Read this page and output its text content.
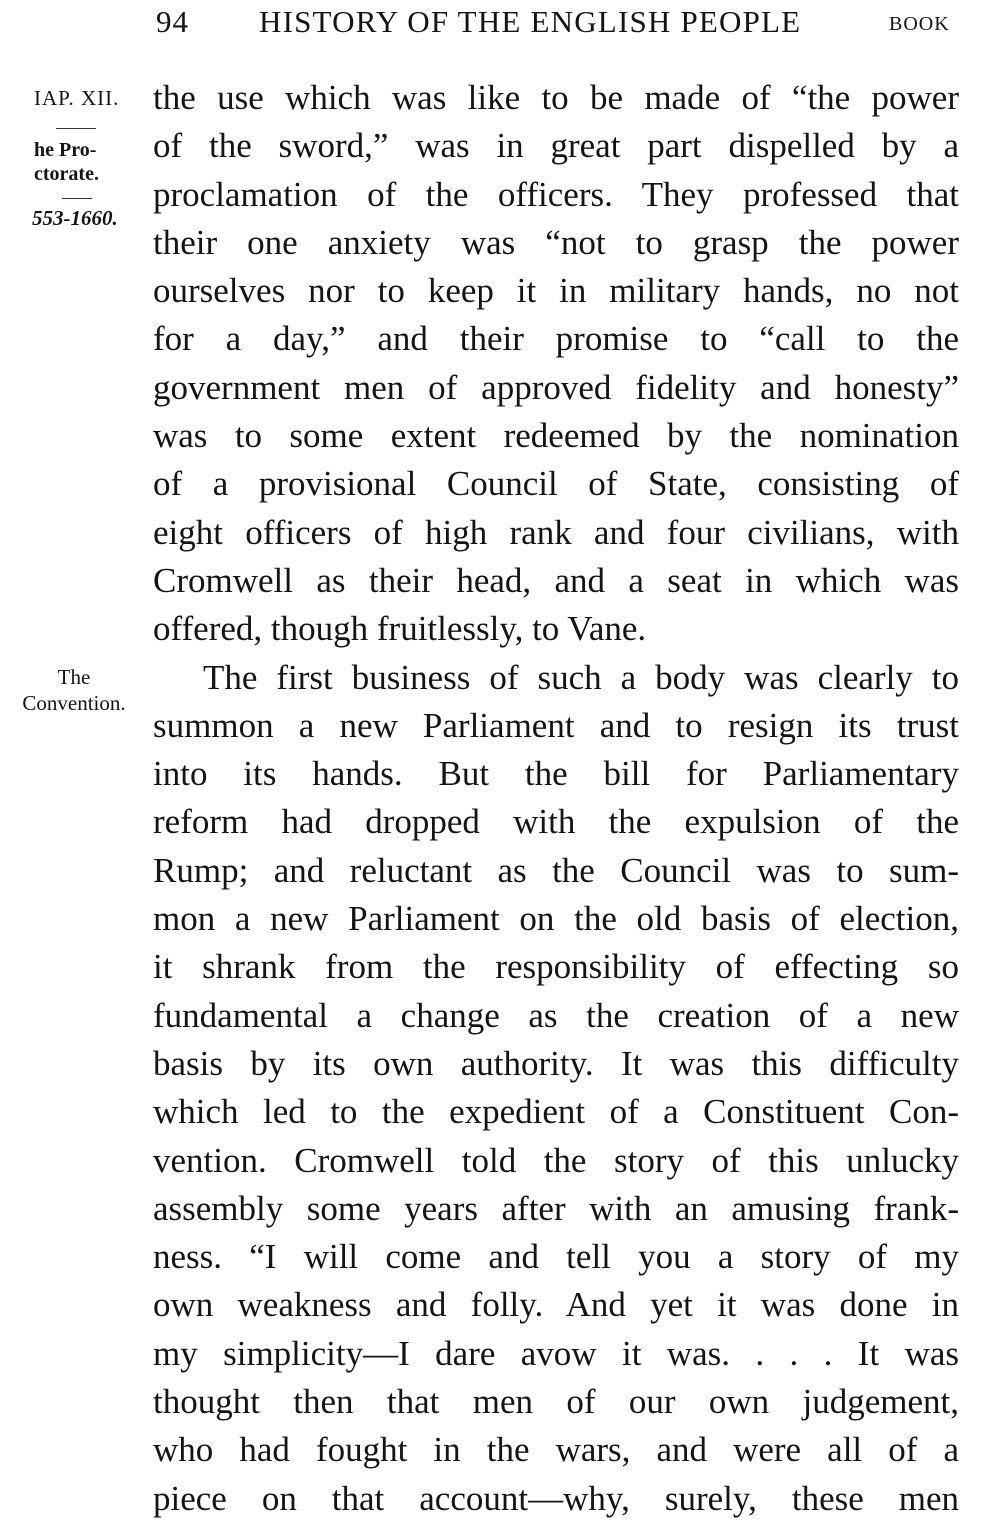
94 HISTORY OF THE ENGLISH PEOPLE	BOOK
IAP. XII.
he Pro-
ctorate.
553-1660.
The
Convention.
the use which was like to be made of “the power
of the sword,” was in great part dispelled by a
proclamation of the officers. They professed that
their one anxiety was “not to grasp the power
ourselves nor to keep it in military hands, no not
for a day,” and their promise to “call to the
government men of approved fidelity and honesty”
was to some extent redeemed by the nomination
of a provisional Council of State, consisting of
eight officers of high rank and four civilians, with
Cromwell as their head, and a seat in which was
offered, though fruitlessly, to Vane.
The first business of such a body was clearly to
summon a new Parliament and to resign its trust
into its hands. But the bill for Parliamentary
reform had dropped with the expulsion of the
Rump; and reluctant as the Council was to sum-
mon a new Parliament on the old basis of election,
it shrank from the responsibility of effecting so
fundamental a change as the creation of a new
basis by its own authority. It was this difficulty
which led to the expedient of a Constituent Con-
vention. Cromwell told the story of this unlucky
assembly some years after with an amusing frank-
ness. “I will come and tell you a story of my
own weakness and folly. And yet it was done in
my simplicity—I dare avow it was. . . . It was
thought then that men of our own judgement,
who had fought in the wars, and were all of a
piece on that account—why, surely, these men
